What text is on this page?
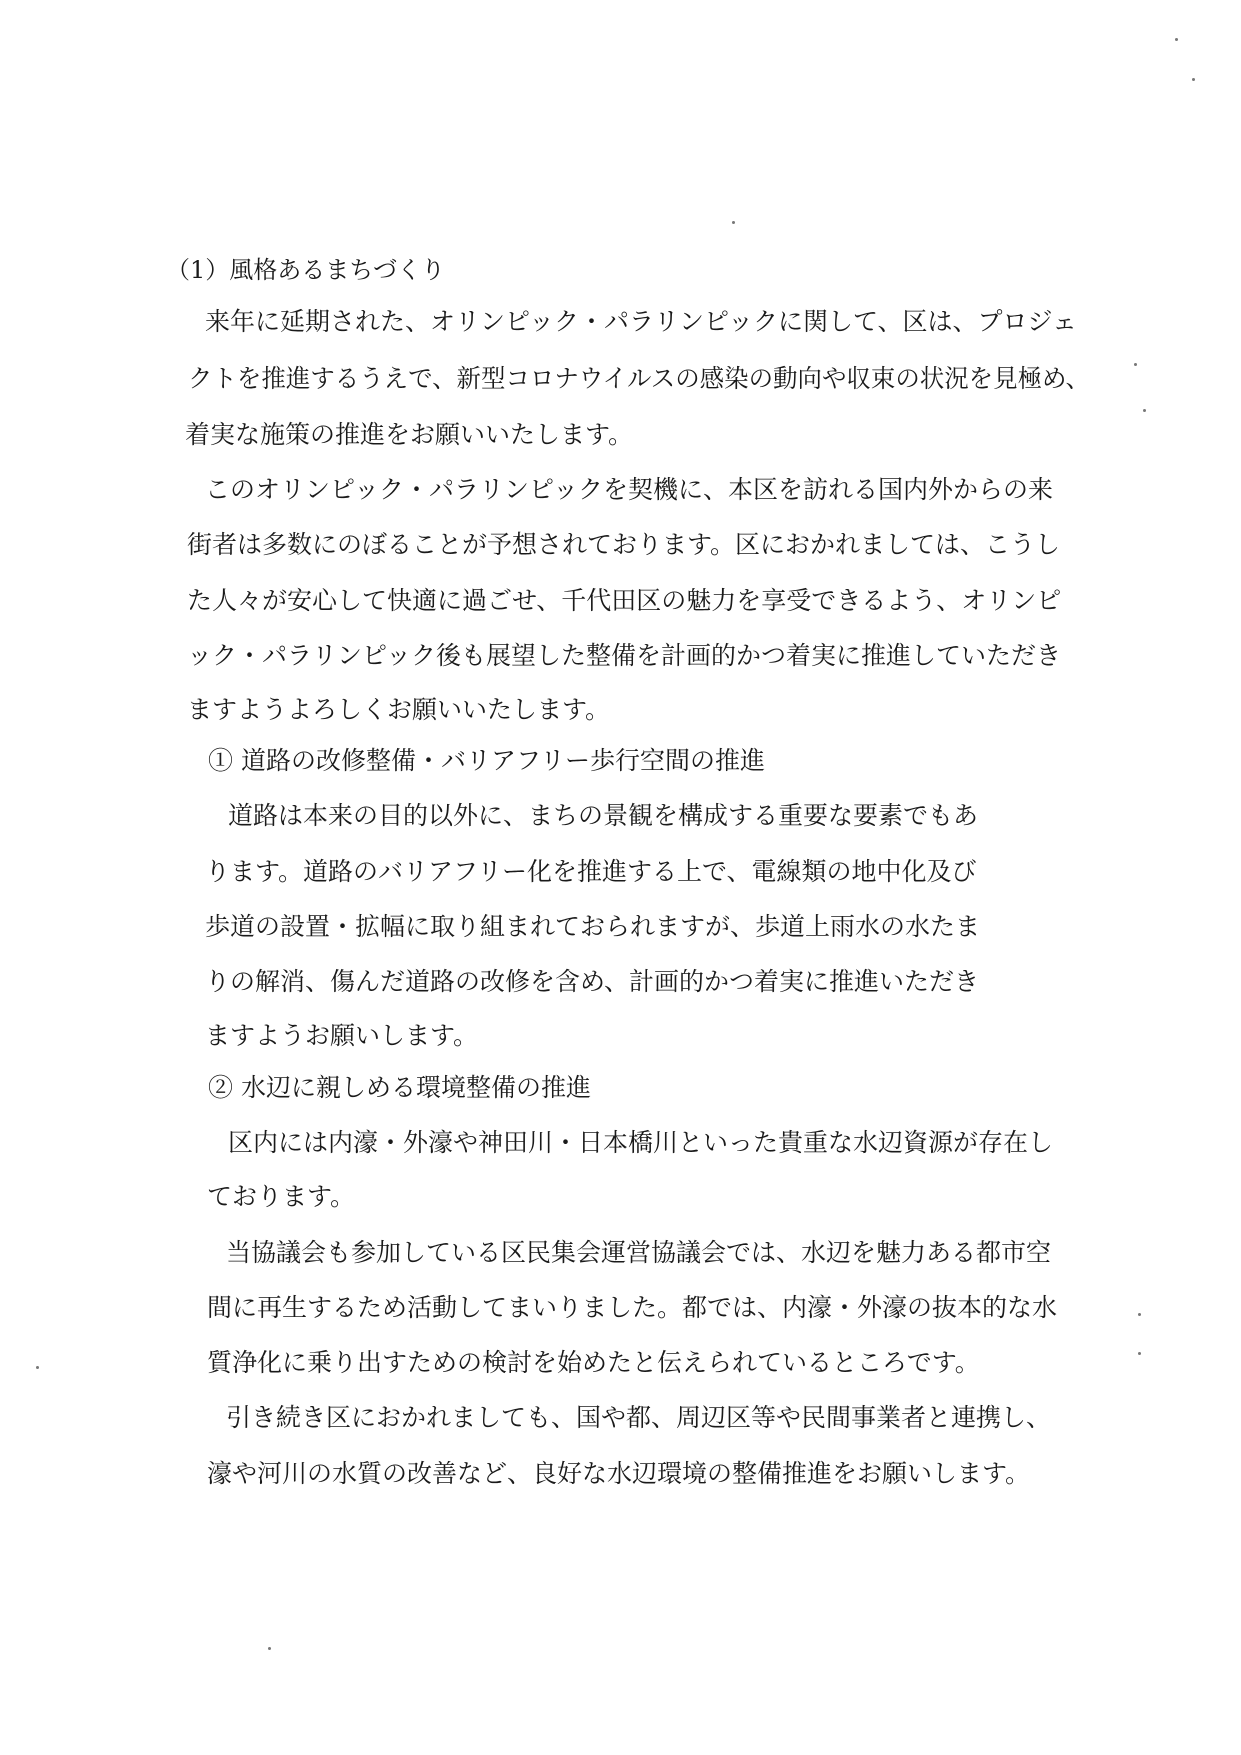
（1）風格あるまちづくり
来年に延期された、オリンピック・パラリンピックに関して、区は、プロジェ
クトを推進するうえで、新型コロナウイルスの感染の動向や収束の状況を見極め、
着実な施策の推進をお願いいたします。
このオリンピック・パラリンピックを契機に、本区を訪れる国内外からの来
街者は多数にのぼることが予想されております。区におかれましては、こうし
た人々が安心して快適に過ごせ、千代田区の魅力を享受できるよう、オリンピ
ック・パラリンピック後も展望した整備を計画的かつ着実に推進していただき
ますようよろしくお願いいたします。
① 道路の改修整備・バリアフリー歩行空間の推進
道路は本来の目的以外に、まちの景観を構成する重要な要素でもあ
ります。道路のバリアフリー化を推進する上で、電線類の地中化及び
歩道の設置・拡幅に取り組まれておられますが、歩道上雨水の水たま
りの解消、傷んだ道路の改修を含め、計画的かつ着実に推進いただき
ますようお願いします。
② 水辺に親しめる環境整備の推進
区内には内濠・外濠や神田川・日本橋川といった貴重な水辺資源が存在し
ております。
当協議会も参加している区民集会運営協議会では、水辺を魅力ある都市空
間に再生するため活動してまいりました。都では、内濠・外濠の抜本的な水
質浄化に乗り出すための検討を始めたと伝えられているところです。
引き続き区におかれましても、国や都、周辺区等や民間事業者と連携し、
濠や河川の水質の改善など、良好な水辺環境の整備推進をお願いします。
